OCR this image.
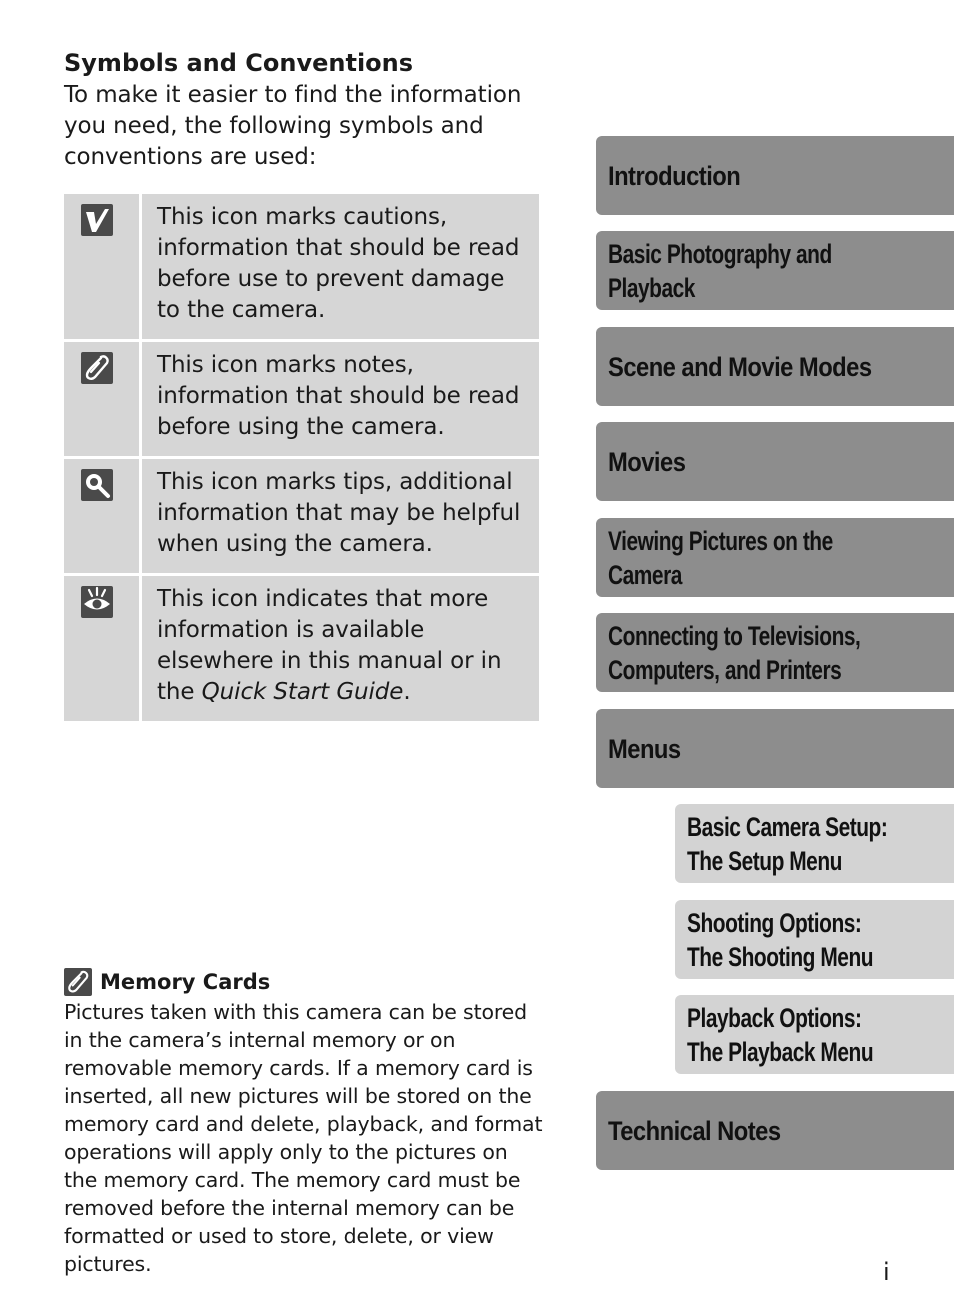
Symbols and Conventions

To make it easier to find the information you need, the following symbols and conventions are used:

	This icon marks cautions, information that should be read before use to prevent damage to the camera.

	This icon marks notes, information that should be read before using the camera.

	This icon marks tips, additional information that may be helpful when using the camera.

	This icon indicates that more information is available elsewhere in this manual or in the Quick Start Guide.
Memory Cards

Pictures taken with this camera can be stored in the camera’s internal memory or on removable memory cards. If a memory card is inserted, all new pictures will be stored on the memory card and delete, playback, and format operations will apply only to the pictures on the memory card. The memory card must be removed before the internal memory can be formatted or used to store, delete, or view pictures.

Introduction
Basic Photography and
Playback
Scene and Movie Modes
Movies
Viewing Pictures on the
Camera
Connecting to Televisions,
Computers, and Printers
Menus
Basic Camera Setup:
The Setup Menu
Shooting Options:
The Shooting Menu
Playback Options:
The Playback Menu
Technical Notes
i
